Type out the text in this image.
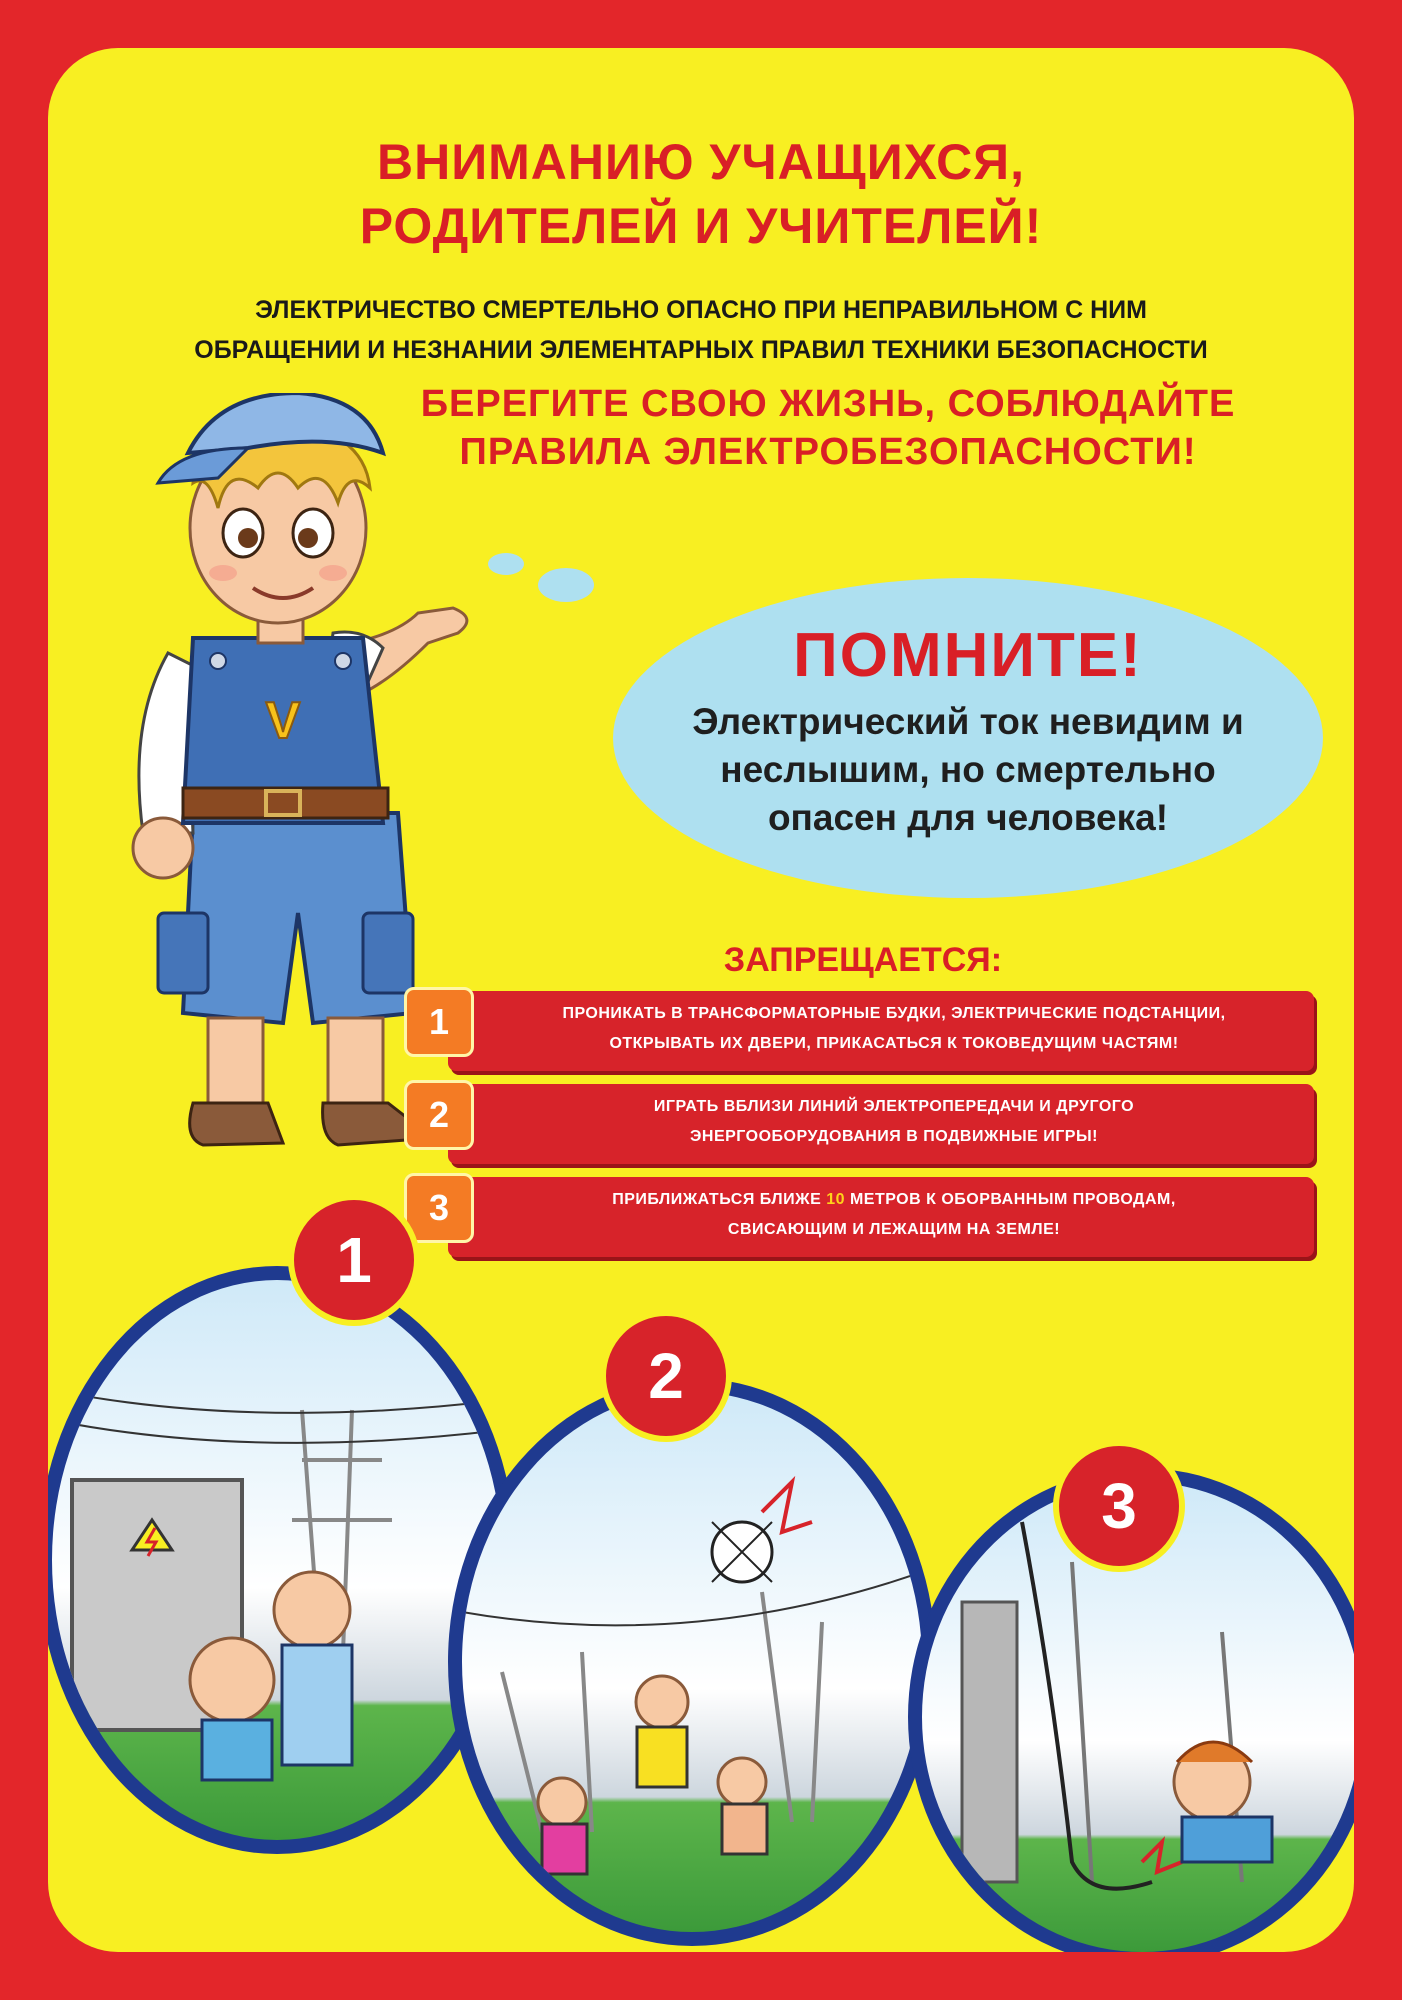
ВНИМАНИЮ УЧАЩИХСЯ,
РОДИТЕЛЕЙ И УЧИТЕЛЕЙ!
ЭЛЕКТРИЧЕСТВО СМЕРТЕЛЬНО ОПАСНО ПРИ НЕПРАВИЛЬНОМ С НИМ
ОБРАЩЕНИИ И НЕЗНАНИИ ЭЛЕМЕНТАРНЫХ ПРАВИЛ ТЕХНИКИ БЕЗОПАСНОСТИ
БЕРЕГИТЕ СВОЮ ЖИЗНЬ, СОБЛЮДАЙТЕ
ПРАВИЛА ЭЛЕКТРОБЕЗОПАСНОСТИ!
V
ПОМНИТЕ!
Электрический ток невидим и
неслышим, но смертельно
опасен для человека!
ЗАПРЕЩАЕТСЯ:
1	ПРОНИКАТЬ В ТРАНСФОРМАТОРНЫЕ БУДКИ, ЭЛЕКТРИЧЕСКИЕ ПОДСТАНЦИИ,
ОТКРЫВАТЬ ИХ ДВЕРИ, ПРИКАСАТЬСЯ К ТОКОВЕДУЩИМ ЧАСТЯМ!
2	ИГРАТЬ ВБЛИЗИ ЛИНИЙ ЭЛЕКТРОПЕРЕДАЧИ И ДРУГОГО
ЭНЕРГООБОРУДОВАНИЯ В ПОДВИЖНЫЕ ИГРЫ!
3	ПРИБЛИЖАТЬСЯ БЛИЖЕ 10 МЕТРОВ К ОБОРВАННЫМ ПРОВОДАМ,
СВИСАЮЩИМ И ЛЕЖАЩИМ НА ЗЕМЛЕ!
1
2
3
